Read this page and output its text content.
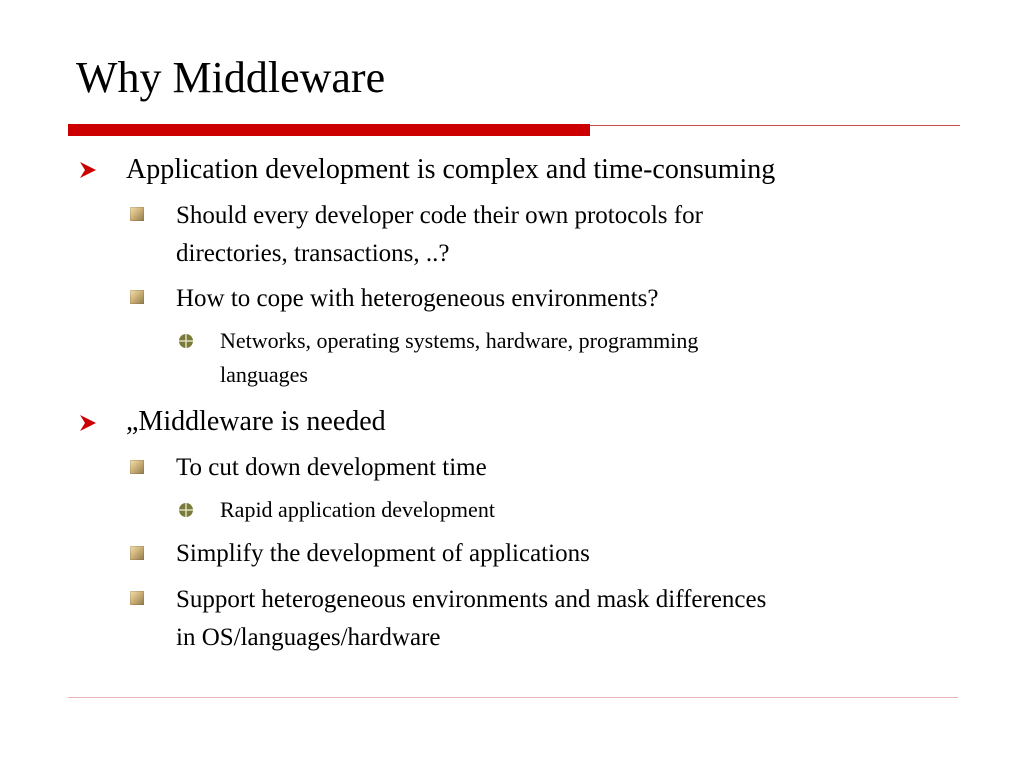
Why Middleware
Application development is complex and time-consuming
Should every developer code their own protocols for
directories, transactions, ..?
How to cope with heterogeneous environments?
Networks, operating systems, hardware, programming
languages
„Middleware is needed
To cut down development time
Rapid application development
Simplify the development of applications
Support heterogeneous environments and mask differences
in OS/languages/hardware
